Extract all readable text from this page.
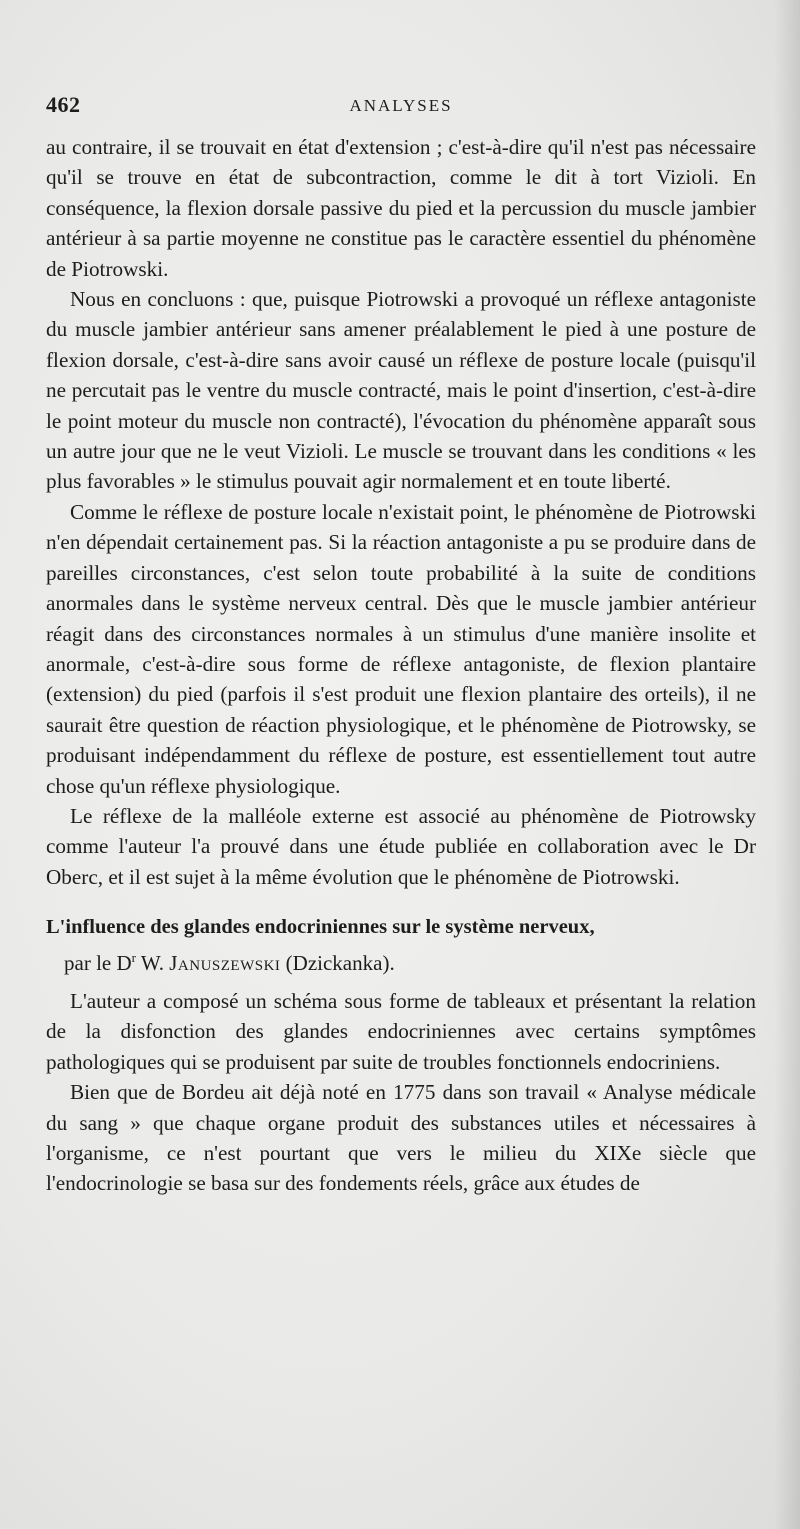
462	ANALYSES

au contraire, il se trouvait en état d'extension ; c'est-à-dire qu'il n'est pas nécessaire qu'il se trouve en état de subcontraction, comme le dit à tort Vizioli. En conséquence, la flexion dorsale passive du pied et la percussion du muscle jambier antérieur à sa partie moyenne ne constitue pas le caractère essentiel du phénomène de Piotrowski.

Nous en concluons : que, puisque Piotrowski a provoqué un réflexe antagoniste du muscle jambier antérieur sans amener préalablement le pied à une posture de flexion dorsale, c'est-à-dire sans avoir causé un réflexe de posture locale (puisqu'il ne percutait pas le ventre du muscle contracté, mais le point d'insertion, c'est-à-dire le point moteur du muscle non contracté), l'évocation du phénomène apparaît sous un autre jour que ne le veut Vizioli. Le muscle se trouvant dans les conditions « les plus favorables » le stimulus pouvait agir normalement et en toute liberté.

Comme le réflexe de posture locale n'existait point, le phénomène de Piotrowski n'en dépendait certainement pas. Si la réaction antagoniste a pu se produire dans de pareilles circonstances, c'est selon toute probabilité à la suite de conditions anormales dans le système nerveux central. Dès que le muscle jambier antérieur réagit dans des circonstances normales à un stimulus d'une manière insolite et anormale, c'est-à-dire sous forme de réflexe antagoniste, de flexion plantaire (extension) du pied (parfois il s'est produit une flexion plantaire des orteils), il ne saurait être question de réaction physiologique, et le phénomène de Piotrowsky, se produisant indépendamment du réflexe de posture, est essentiellement tout autre chose qu'un réflexe physiologique.

Le réflexe de la malléole externe est associé au phénomène de Piotrowsky comme l'auteur l'a prouvé dans une étude publiée en collaboration avec le Dr Oberc, et il est sujet à la même évolution que le phénomène de Piotrowski.

L'influence des glandes endocriniennes sur le système nerveux,
par le $D^r$ W. Januszewski (Dzickanka).

L'auteur a composé un schéma sous forme de tableaux et présentant la relation de la disfonction des glandes endocriniennes avec certains symptômes pathologiques qui se produisent par suite de troubles fonctionnels endocriniens.

Bien que de Bordeu ait déjà noté en 1775 dans son travail « Analyse médicale du sang » que chaque organe produit des substances utiles et nécessaires à l'organisme, ce n'est pourtant que vers le milieu du XIXe siècle que l'endocrinologie se basa sur des fondements réels, grâce aux études de
